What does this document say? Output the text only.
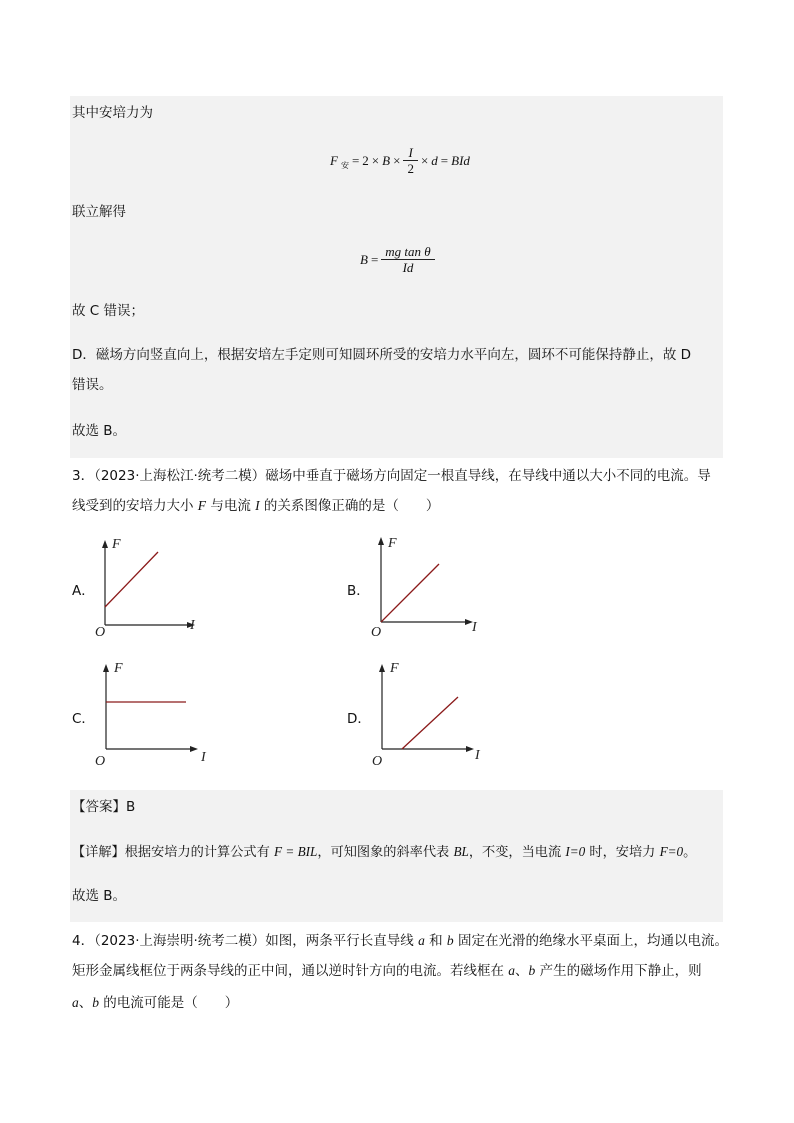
其中安培力为
F 安 = $2 \times B \times \frac{I}{2} \times d$ = BId
联立解得
$B = \frac{\text{mg tan θ}}{Id}$
故 C 错误；
D．磁场方向竖直向上，根据安培左手定则可知圆环所受的安培力水平向左，圆环不可能保持静止，故 D
错误。
故选 B。
3．（2023·上海松江·统考二模）磁场中垂直于磁场方向固定一根直导线，在导线中通以大小不同的电流。导
线受到的安培力大小 F 与电流 I 的关系图像正确的是（　　）
A．
F
I
O
B．
F
I
O
C．
F
I
O
D．
F
I
O
【答案】B
【详解】根据安培力的计算公式有 F = BIL，可知图象的斜率代表 BL，不变，当电流 I=0 时，安培力 F=0。
故选 B。
4．（2023·上海崇明·统考二模）如图，两条平行长直导线 a 和 b 固定在光滑的绝缘水平桌面上，均通以电流。
矩形金属线框位于两条导线的正中间，通以逆时针方向的电流。若线框在 a、b 产生的磁场作用下静止，则
a、b 的电流可能是（　　）
